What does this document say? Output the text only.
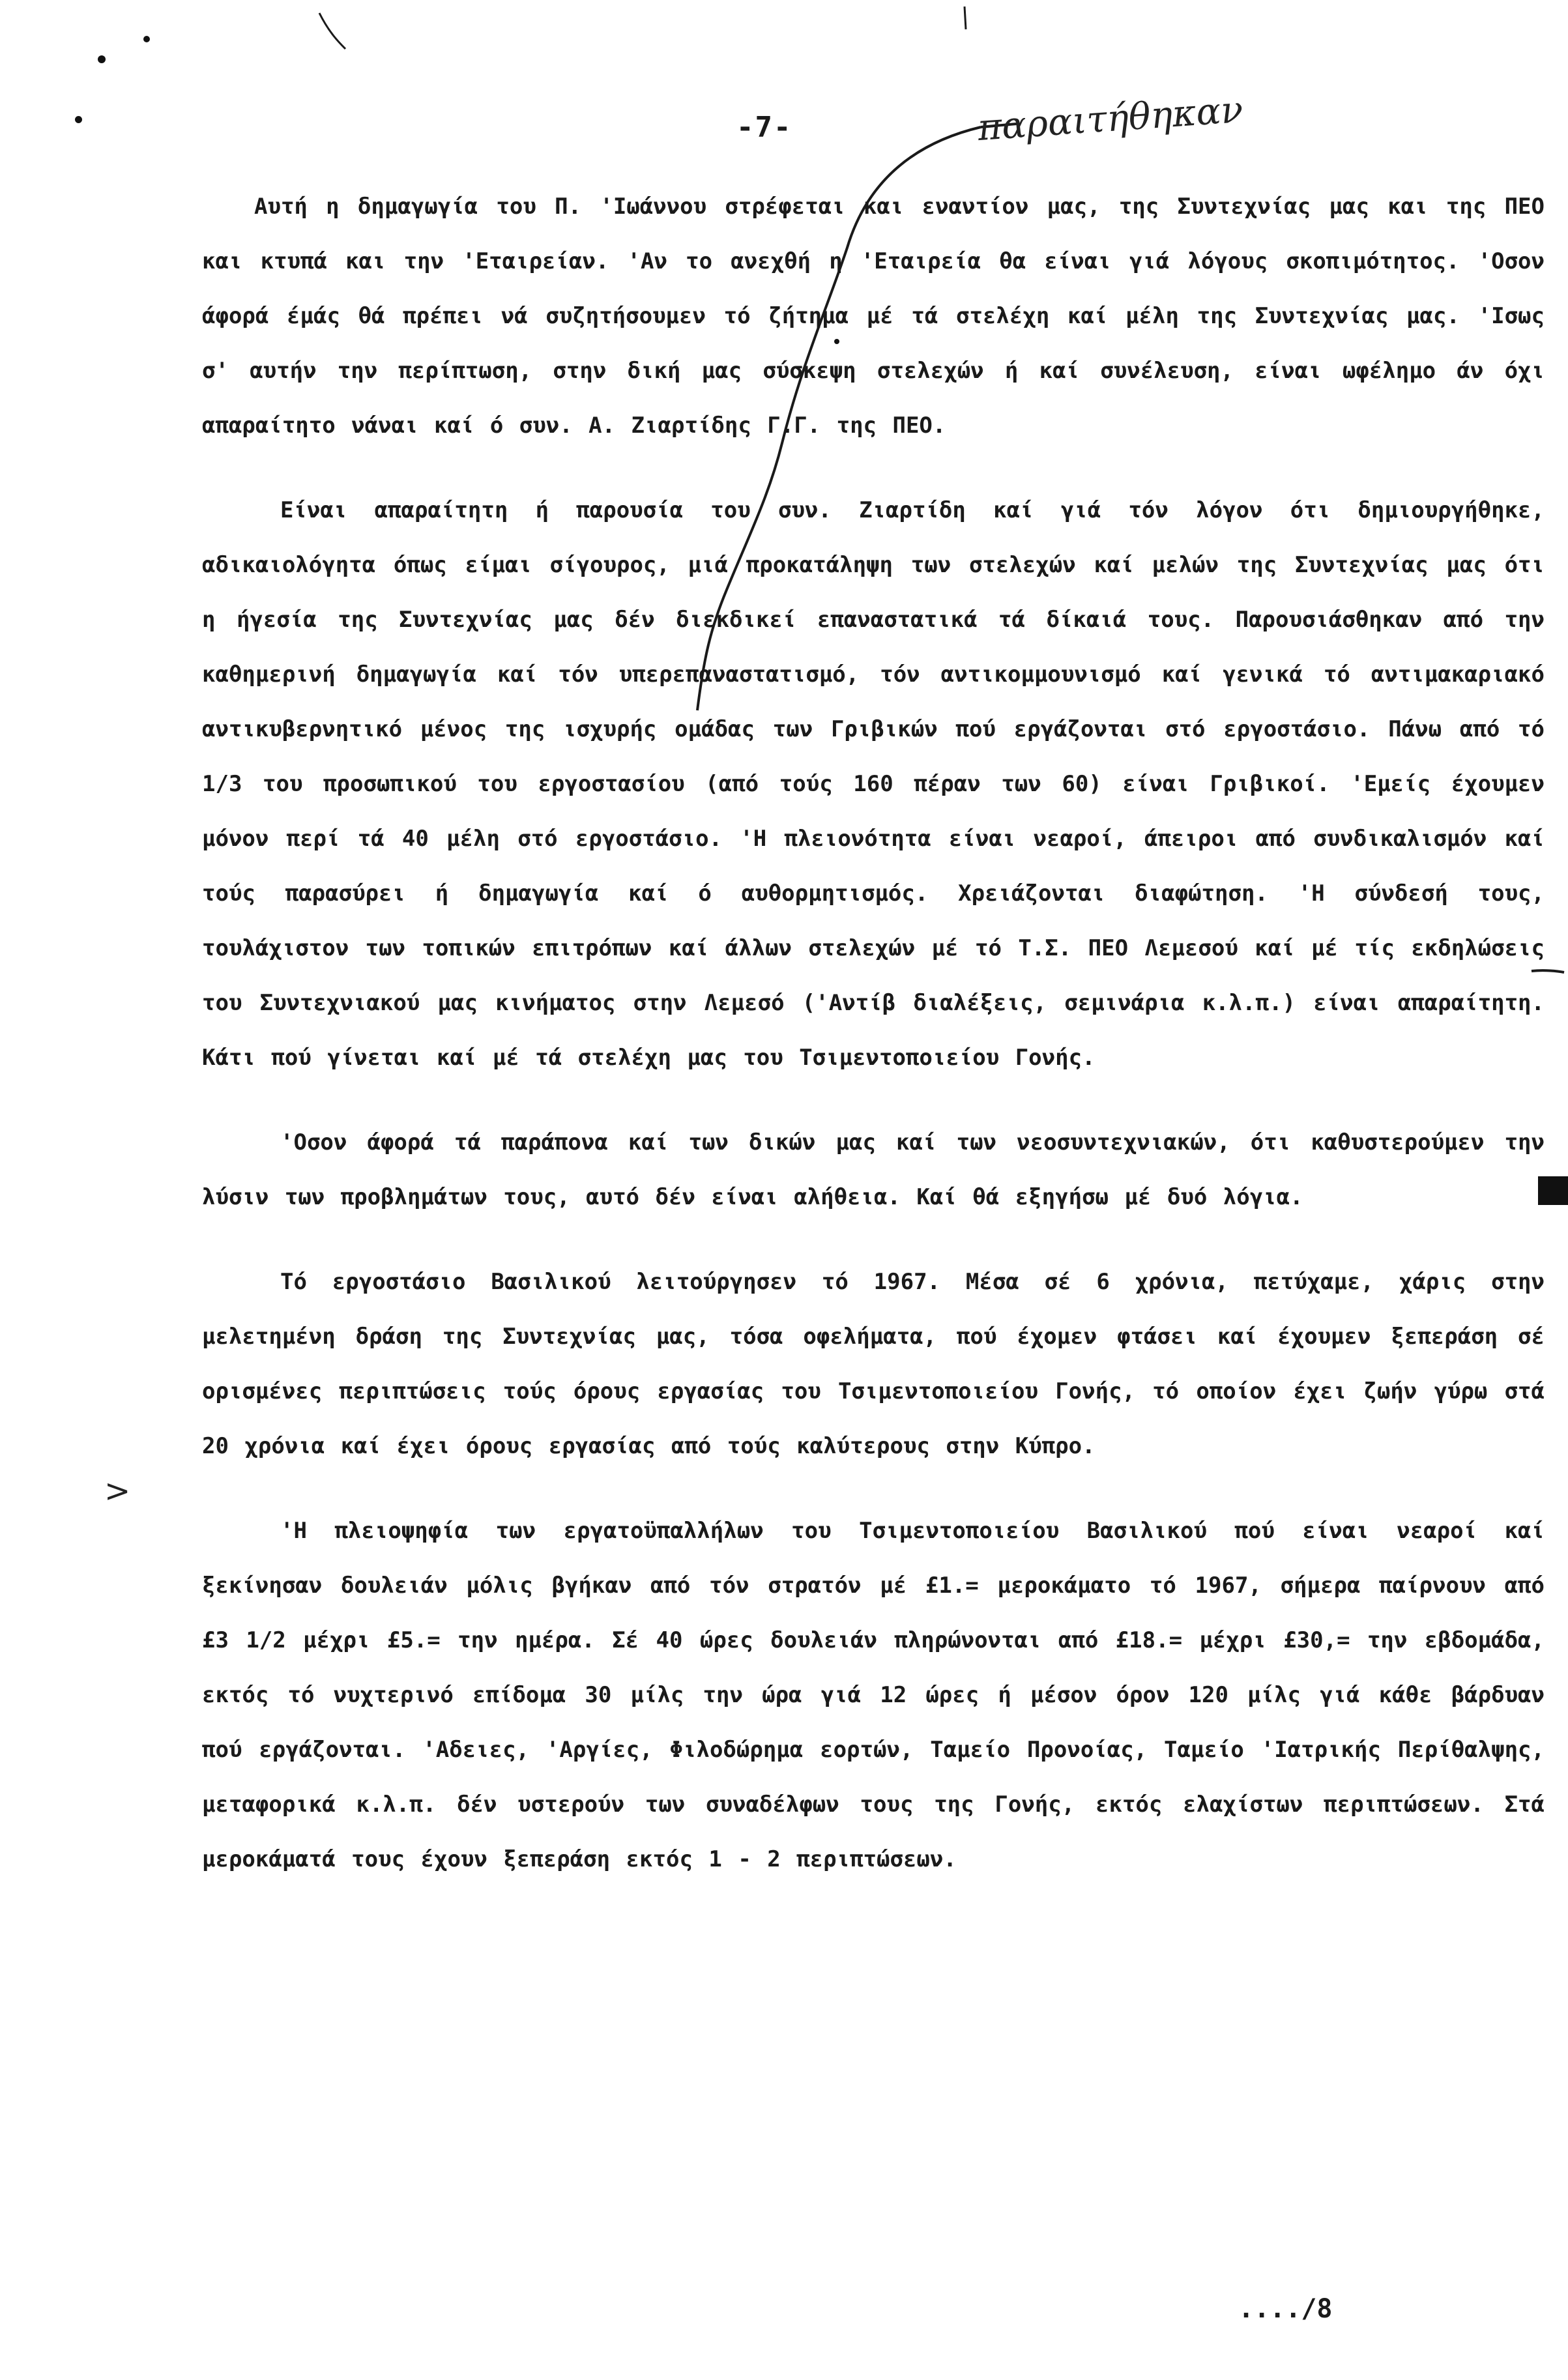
>
-7-	παραιτήθηκαν

Αυτή η δημαγωγία του Π. 'Ιωάννου στρέφεται και εναντίον μας, της Συντεχνίας μας και της ΠΕΟ και κτυπά και την 'Εταιρείαν. 'Αν το ανεχθή η 'Εταιρεία θα είναι γιά λόγους σκοπιμότητος. 'Οσον άφορά έμάς θά πρέπει νά συζητήσουμεν τό ζήτημα μέ τά στελέχη καί μέλη της Συντεχνίας μας. 'Ισως σ' αυτήν την περίπτωση, στην δική μας σύσκεψη στελεχών ή καί συνέλευση, είναι ωφέλημο άν όχι απαραίτητο νάναι καί ό συν. Α. Ζιαρτίδης Γ.Γ. της ΠΕΟ.

Είναι απαραίτητη ή παρουσία του συν. Ζιαρτίδη καί γιά τόν λόγον ότι δημιουργήθηκε, αδικαιολόγητα όπως είμαι σίγουρος, μιά προκατάληψη των στελεχών καί μελών της Συντεχνίας μας ότι η ήγεσία της Συντεχνίας μας δέν διεκδικεί επαναστατικά τά δίκαιά τους. Παρουσιάσθηκαν από την καθημερινή δημαγωγία καί τόν υπερεπαναστατισμό, τόν αντικομμουνισμό καί γενικά τό αντιμακαριακό αντικυβερνητικό μένος της ισχυρής ομάδας των Γριβικών πού εργάζονται στό εργοστάσιο. Πάνω από τό 1/3 του προσωπικού του εργοστασίου (από τούς 160 πέραν των 60) είναι Γριβικοί. 'Εμείς έχουμεν μόνον περί τά 40 μέλη στό εργοστάσιο. 'Η πλειονότητα είναι νεαροί, άπειροι από συνδικαλισμόν καί τούς παρασύρει ή δημαγωγία καί ό αυθορμητισμός. Χρειάζονται διαφώτηση. 'Η σύνδεσή τους, τουλάχιστον των τοπικών επιτρόπων καί άλλων στελεχών μέ τό Τ.Σ. ΠΕΟ Λεμεσού καί μέ τίς εκδηλώσεις του Συντεχνιακού μας κινήματος στην Λεμεσό ('Αντίβ διαλέξεις, σεμινάρια κ.λ.π.) είναι απαραίτητη. Κάτι πού γίνεται καί μέ τά στελέχη μας του Τσιμεντοποιείου Γονής.

'Οσον άφορά τά παράπονα καί των δικών μας καί των νεοσυντεχνιακών, ότι καθυστερούμεν την λύσιν των προβλημάτων τους, αυτό δέν είναι αλήθεια. Καί θά εξηγήσω μέ δυό λόγια.

Τό εργοστάσιο Βασιλικού λειτούργησεν τό 1967. Μέσα σέ 6 χρόνια, πετύχαμε, χάρις στην μελετημένη δράση της Συντεχνίας μας, τόσα οφελήματα, πού έχομεν φτάσει καί έχουμεν ξεπεράση σέ ορισμένες περιπτώσεις τούς όρους εργασίας του Τσιμεντοποιείου Γονής, τό οποίον έχει ζωήν γύρω στά 20 χρόνια καί έχει όρους εργασίας από τούς καλύτερους στην Κύπρο.

'Η πλειοψηφία των εργατοϋπαλλήλων του Τσιμεντοποιείου Βασιλικού πού είναι νεαροί καί ξεκίνησαν δουλειάν μόλις βγήκαν από τόν στρατόν μέ £1.= μεροκάματο τό 1967, σήμερα παίρνουν από £3 1/2 μέχρι £5.= την ημέρα. Σέ 40 ώρες δουλειάν πληρώνονται από £18.= μέχρι £30,= την εβδομάδα, εκτός τό νυχτερινό επίδομα 30 μίλς την ώρα γιά 12 ώρες ή μέσον όρον 120 μίλς γιά κάθε βάρδυαν πού εργάζονται. 'Αδειες, 'Αργίες, Φιλοδώρημα εορτών, Ταμείο Προνοίας, Ταμείο 'Ιατρικής Περίθαλψης, μεταφορικά κ.λ.π. δέν υστερούν των συναδέλφων τους της Γονής, εκτός ελαχίστων περιπτώσεων. Στά μεροκάματά τους έχουν ξεπεράση εκτός 1 - 2 περιπτώσεων.

..../8
